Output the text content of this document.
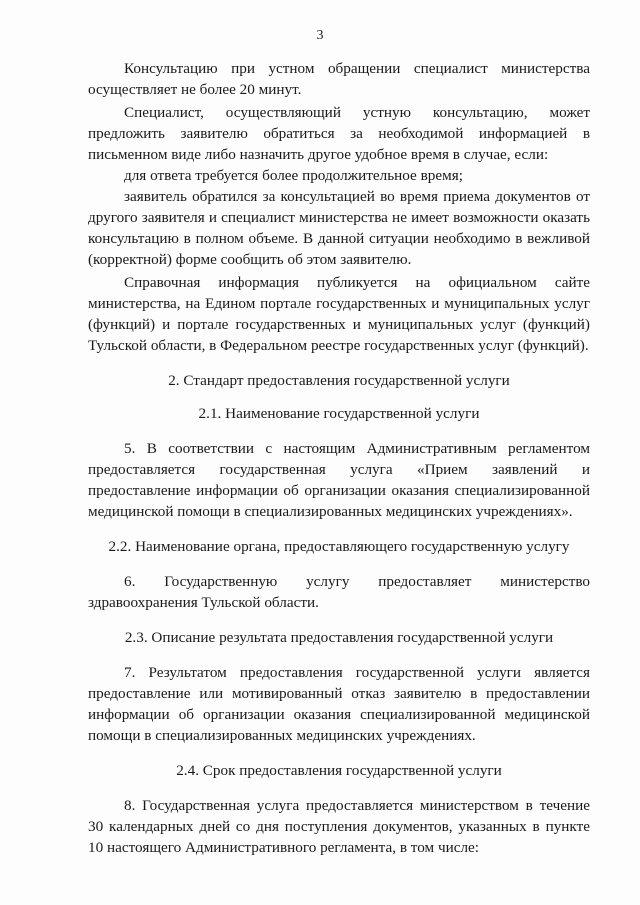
3

Консультацию при устном обращении специалист министерства осуществляет не более 20 минут.

Специалист, осуществляющий устную консультацию, может предложить заявителю обратиться за необходимой информацией в письменном виде либо назначить другое удобное время в случае, если:

для ответа требуется более продолжительное время;

заявитель обратился за консультацией во время приема документов от другого заявителя и специалист министерства не имеет возможности оказать консультацию в полном объеме. В данной ситуации необходимо в вежливой (корректной) форме сообщить об этом заявителю.

Справочная информация публикуется на официальном сайте министерства, на Едином портале государственных и муниципальных услуг (функций) и портале государственных и муниципальных услуг (функций) Тульской области, в Федеральном реестре государственных услуг (функций).

2. Стандарт предоставления государственной услуги

2.1. Наименование государственной услуги

5. В соответствии с настоящим Административным регламентом предоставляется государственная услуга «Прием заявлений и предоставление информации об организации оказания специализированной медицинской помощи в специализированных медицинских учреждениях».

2.2. Наименование органа, предоставляющего государственную услугу

6. Государственную услугу предоставляет министерство здравоохранения Тульской области.

2.3. Описание результата предоставления государственной услуги

7. Результатом предоставления государственной услуги является предоставление или мотивированный отказ заявителю в предоставлении информации об организации оказания специализированной медицинской помощи в специализированных медицинских учреждениях.

2.4. Срок предоставления государственной услуги

8. Государственная услуга предоставляется министерством в течение 30 календарных дней со дня поступления документов, указанных в пункте 10 настоящего Административного регламента, в том числе:
